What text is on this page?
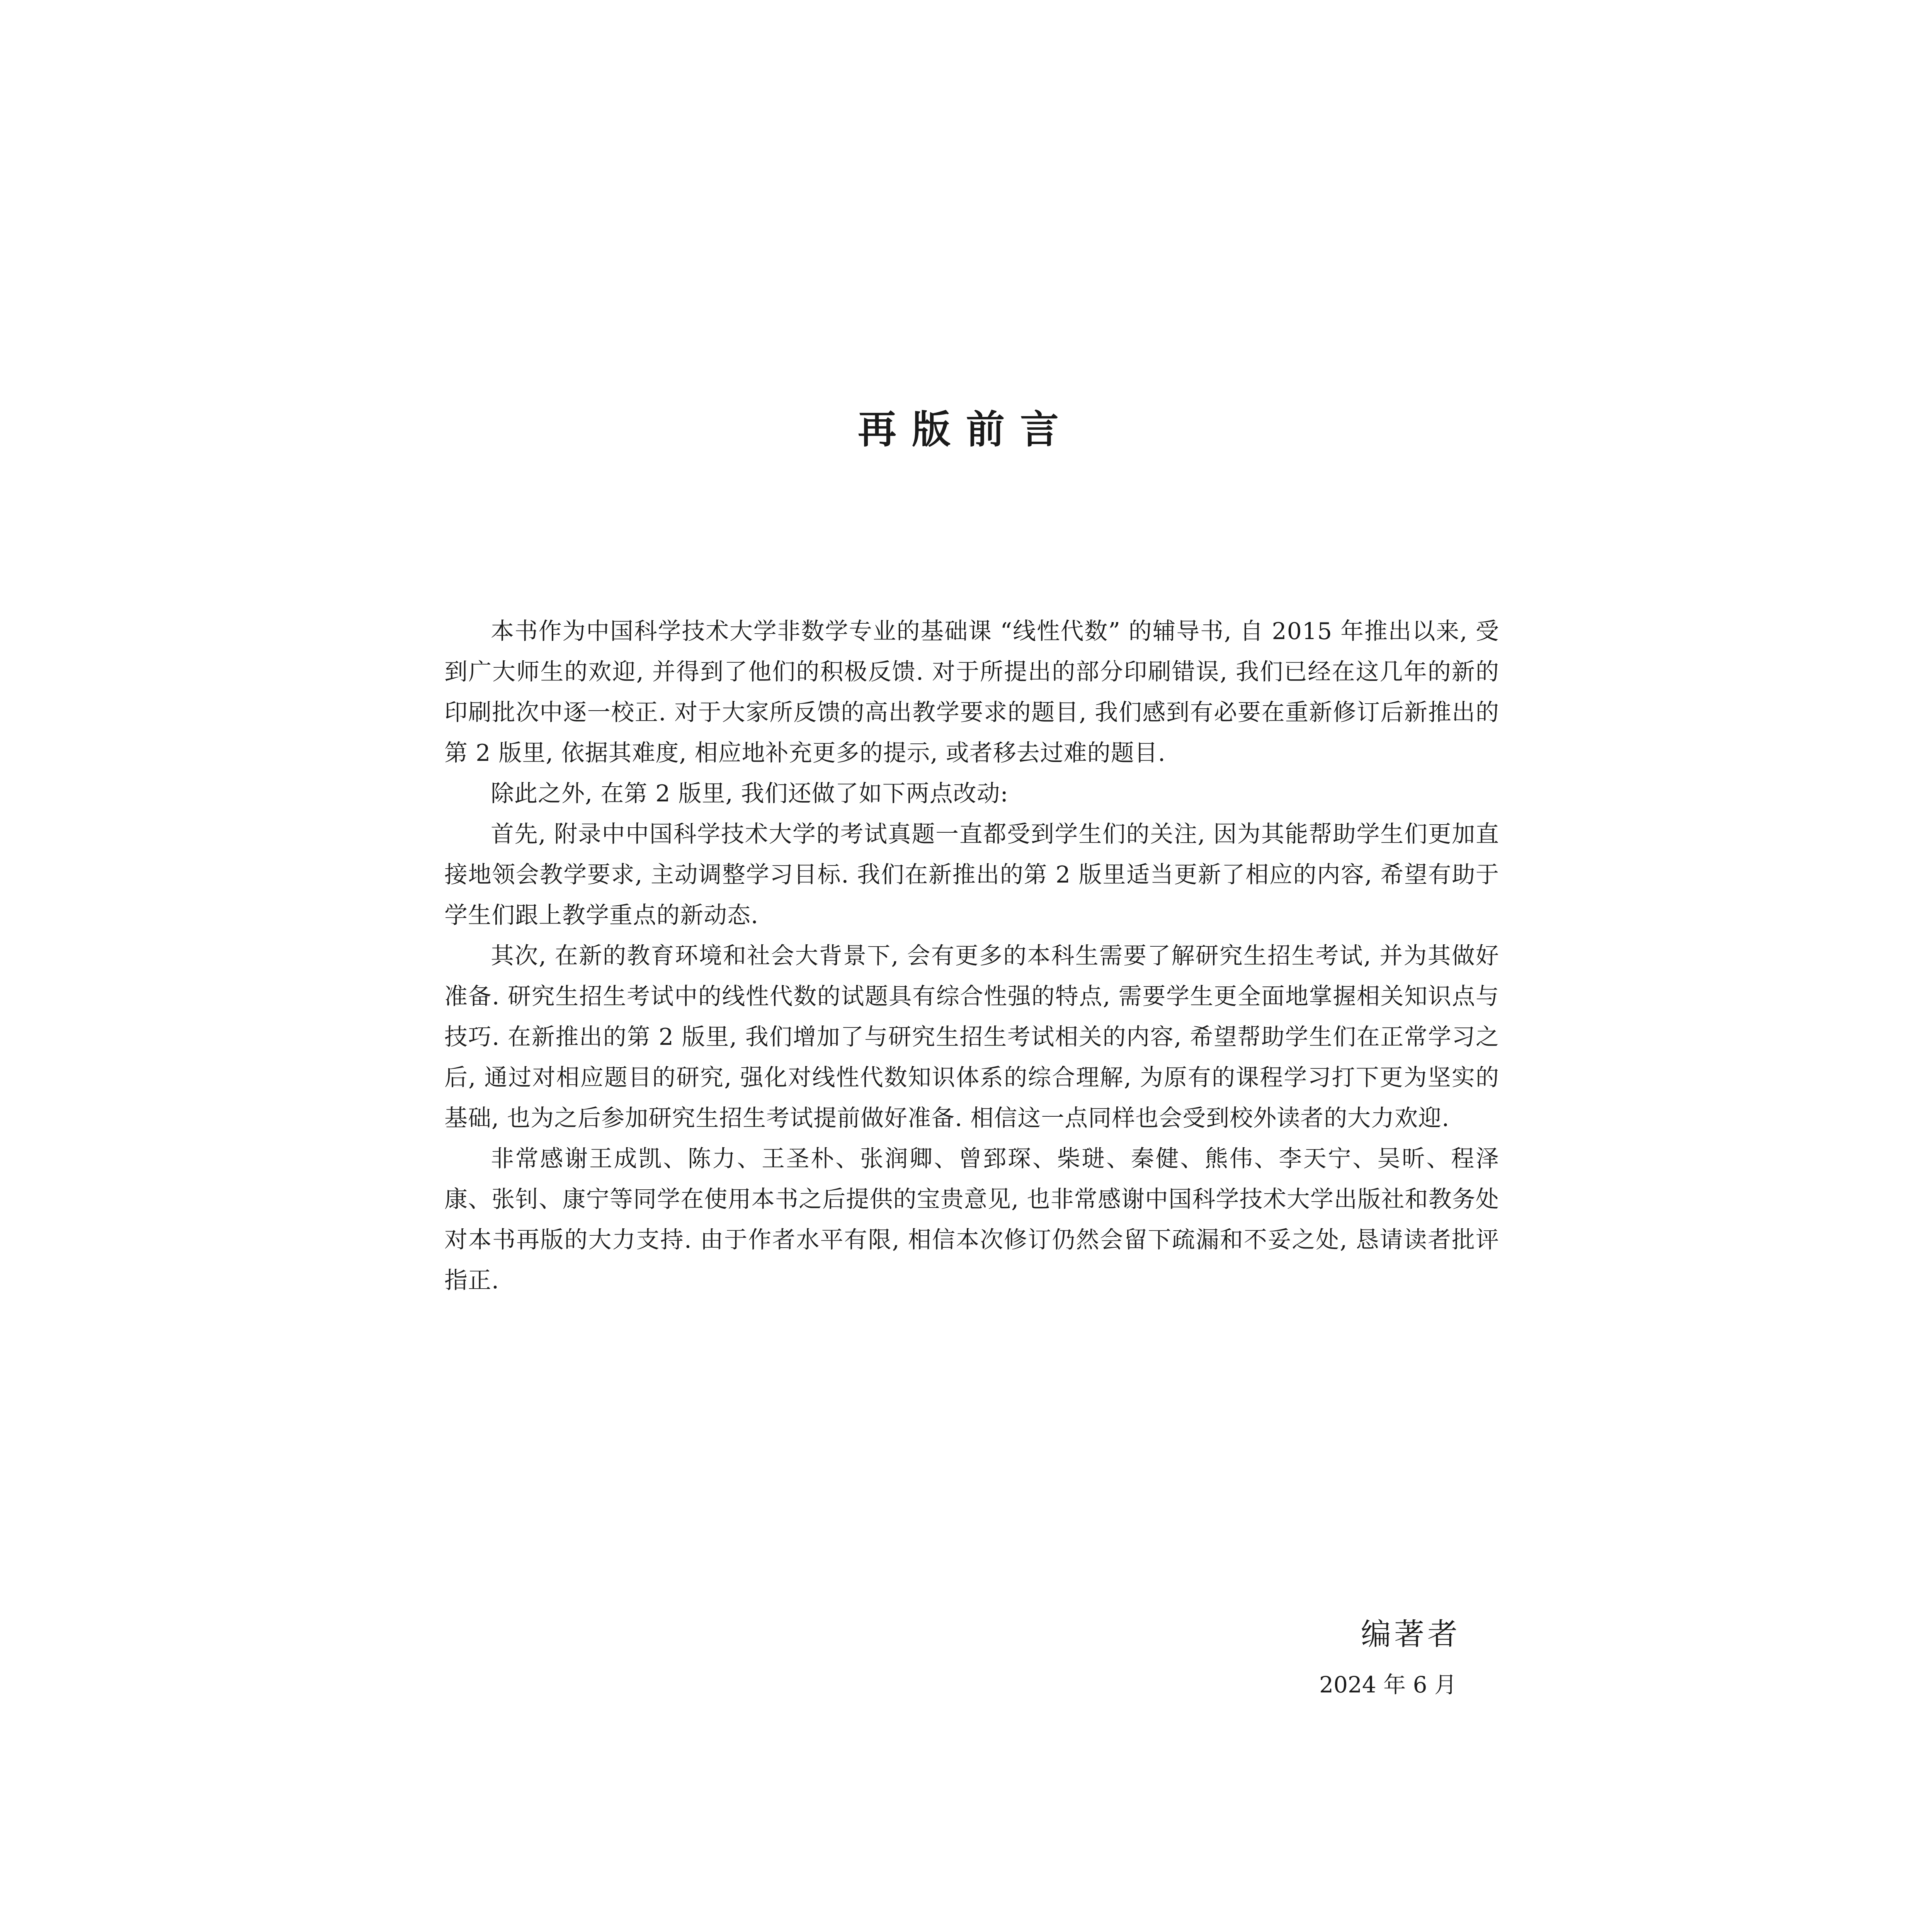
再版前言

本书作为中国科学技术大学非数学专业的基础课 “线性代数” 的辅导书, 自 2015 年推出以来, 受到广大师生的欢迎, 并得到了他们的积极反馈. 对于所提出的部分印刷错误, 我们已经在这几年的新的印刷批次中逐一校正. 对于大家所反馈的高出教学要求的题目, 我们感到有必要在重新修订后新推出的第 2 版里, 依据其难度, 相应地补充更多的提示, 或者移去过难的题目.

除此之外, 在第 2 版里, 我们还做了如下两点改动:

首先, 附录中中国科学技术大学的考试真题一直都受到学生们的关注, 因为其能帮助学生们更加直接地领会教学要求, 主动调整学习目标. 我们在新推出的第 2 版里适当更新了相应的内容, 希望有助于学生们跟上教学重点的新动态.

其次, 在新的教育环境和社会大背景下, 会有更多的本科生需要了解研究生招生考试, 并为其做好准备. 研究生招生考试中的线性代数的试题具有综合性强的特点, 需要学生更全面地掌握相关知识点与技巧. 在新推出的第 2 版里, 我们增加了与研究生招生考试相关的内容, 希望帮助学生们在正常学习之后, 通过对相应题目的研究, 强化对线性代数知识体系的综合理解, 为原有的课程学习打下更为坚实的基础, 也为之后参加研究生招生考试提前做好准备. 相信这一点同样也会受到校外读者的大力欢迎.

非常感谢王成凯、陈力、王圣朴、张润卿、曾郅琛、柴琎、秦健、熊伟、李天宁、吴昕、程泽康、张钊、康宁等同学在使用本书之后提供的宝贵意见, 也非常感谢中国科学技术大学出版社和教务处对本书再版的大力支持. 由于作者水平有限, 相信本次修订仍然会留下疏漏和不妥之处, 恳请读者批评指正.

编著者
2024 年 6 月
